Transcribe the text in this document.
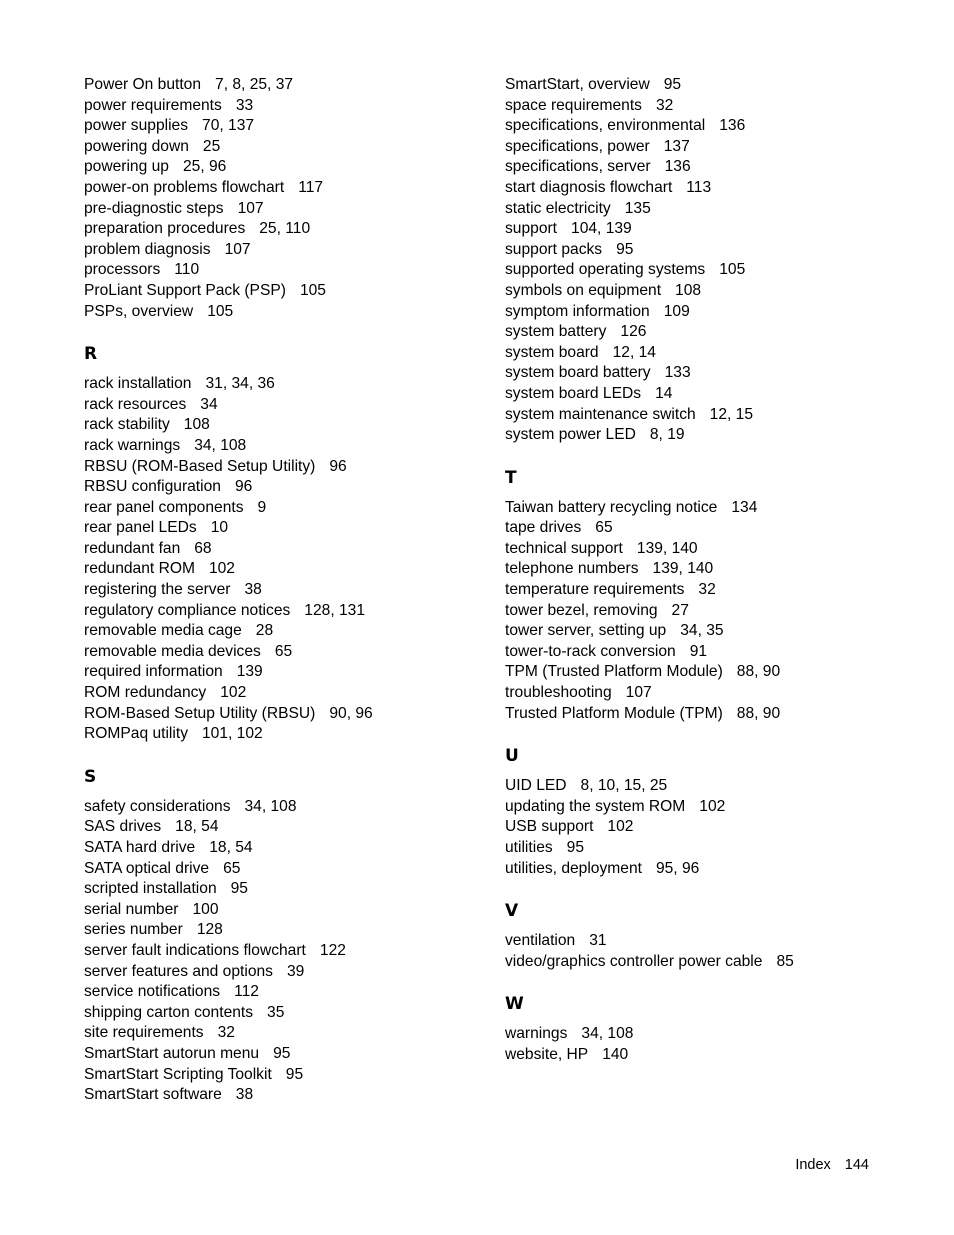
Power On button 7, 8, 25, 37
power requirements 33
power supplies 70, 137
powering down 25
powering up 25, 96
power-on problems flowchart 117
pre-diagnostic steps 107
preparation procedures 25, 110
problem diagnosis 107
processors 110
ProLiant Support Pack (PSP) 105
PSPs, overview 105
R
rack installation 31, 34, 36
rack resources 34
rack stability 108
rack warnings 34, 108
RBSU (ROM-Based Setup Utility) 96
RBSU configuration 96
rear panel components 9
rear panel LEDs 10
redundant fan 68
redundant ROM 102
registering the server 38
regulatory compliance notices 128, 131
removable media cage 28
removable media devices 65
required information 139
ROM redundancy 102
ROM-Based Setup Utility (RBSU) 90, 96
ROMPaq utility 101, 102
S
safety considerations 34, 108
SAS drives 18, 54
SATA hard drive 18, 54
SATA optical drive 65
scripted installation 95
serial number 100
series number 128
server fault indications flowchart 122
server features and options 39
service notifications 112
shipping carton contents 35
site requirements 32
SmartStart autorun menu 95
SmartStart Scripting Toolkit 95
SmartStart software 38
SmartStart, overview 95
space requirements 32
specifications, environmental 136
specifications, power 137
specifications, server 136
start diagnosis flowchart 113
static electricity 135
support 104, 139
support packs 95
supported operating systems 105
symbols on equipment 108
symptom information 109
system battery 126
system board 12, 14
system board battery 133
system board LEDs 14
system maintenance switch 12, 15
system power LED 8, 19
T
Taiwan battery recycling notice 134
tape drives 65
technical support 139, 140
telephone numbers 139, 140
temperature requirements 32
tower bezel, removing 27
tower server, setting up 34, 35
tower-to-rack conversion 91
TPM (Trusted Platform Module) 88, 90
troubleshooting 107
Trusted Platform Module (TPM) 88, 90
U
UID LED 8, 10, 15, 25
updating the system ROM 102
USB support 102
utilities 95
utilities, deployment 95, 96
V
ventilation 31
video/graphics controller power cable 85
W
warnings 34, 108
website, HP 140
Index 144
